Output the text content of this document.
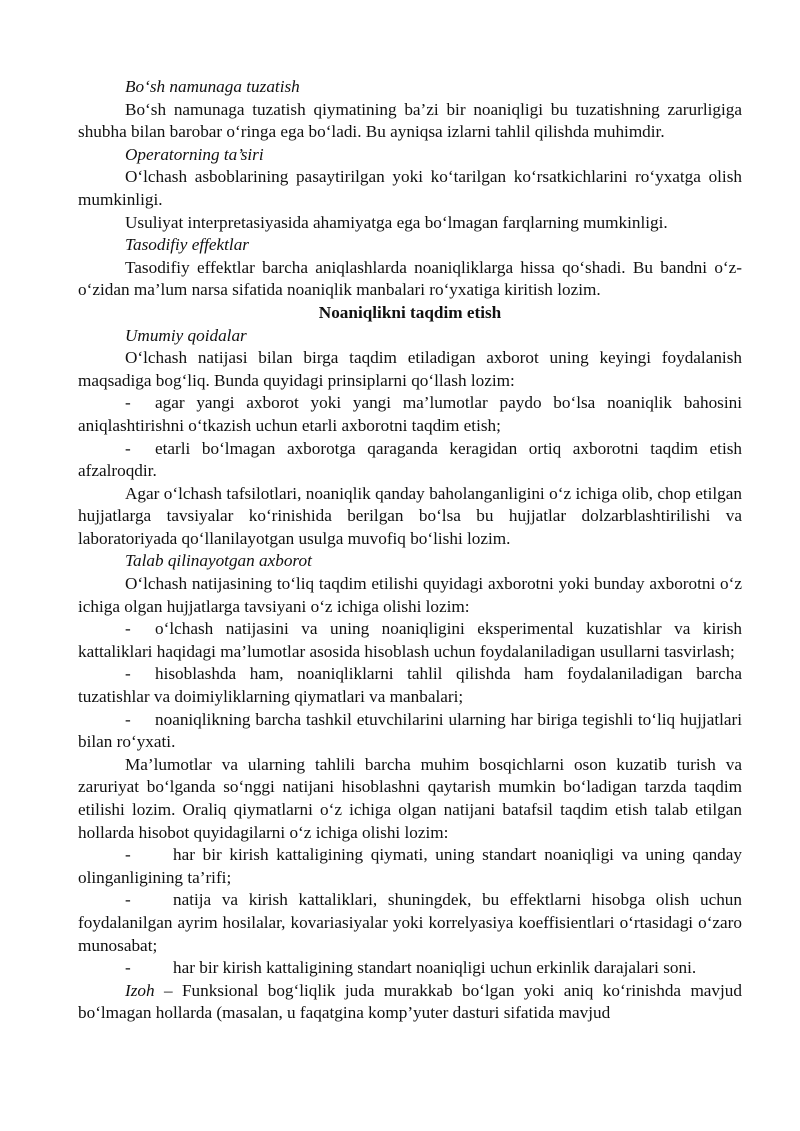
Bo‘sh namunaga tuzatish

Bo‘sh namunaga tuzatish qiymatining ba’zi bir noaniqligi bu tuzatishning zarurligiga shubha bilan barobar o‘ringa ega bo‘ladi. Bu ayniqsa izlarni tahlil qilishda muhimdir.

Operatorning ta’siri

O‘lchash asboblarining pasaytirilgan yoki ko‘tarilgan ko‘rsatkichlarini ro‘yxatga olish mumkinligi.

Usuliyat interpretasiyasida ahamiyatga ega bo‘lmagan farqlarning mumkinligi.

Tasodifiy effektlar

Tasodifiy effektlar barcha aniqlashlarda noaniqliklarga hissa qo‘shadi. Bu bandni o‘z-o‘zidan ma’lum narsa sifatida noaniqlik manbalari ro‘yxatiga kiritish lozim.

Noaniqlikni taqdim etish

Umumiy qoidalar

O‘lchash natijasi bilan birga taqdim etiladigan axborot uning keyingi foydalanish maqsadiga bog‘liq. Bunda quyidagi prinsiplarni qo‘llash lozim:

- agar yangi axborot yoki yangi ma’lumotlar paydo bo‘lsa noaniqlik bahosini aniqlashtirishni o‘tkazish uchun etarli axborotni taqdim etish;

- etarli bo‘lmagan axborotga qaraganda keragidan ortiq axborotni taqdim etish afzalroqdir.

Agar o‘lchash tafsilotlari, noaniqlik qanday baholanganligini o‘z ichiga olib, chop etilgan hujjatlarga tavsiyalar ko‘rinishida berilgan bo‘lsa bu hujjatlar dolzarblashtirilishi va laboratoriyada qo‘llanilayotgan usulga muvofiq bo‘lishi lozim.

Talab qilinayotgan axborot

O‘lchash natijasining to‘liq taqdim etilishi quyidagi axborotni yoki bunday axborotni o‘z ichiga olgan hujjatlarga tavsiyani o‘z ichiga olishi lozim:

- o‘lchash natijasini va uning noaniqligini eksperimental kuzatishlar va kirish kattaliklari haqidagi ma’lumotlar asosida hisoblash uchun foydalaniladigan usullarni tasvirlash;

- hisoblashda ham, noaniqliklarni tahlil qilishda ham foydalaniladigan barcha tuzatishlar va doimiyliklarning qiymatlari va manbalari;

- noaniqlikning barcha tashkil etuvchilarini ularning har biriga tegishli to‘liq hujjatlari bilan ro‘yxati.

Ma’lumotlar va ularning tahlili barcha muhim bosqichlarni oson kuzatib turish va zaruriyat bo‘lganda so‘nggi natijani hisoblashni qaytarish mumkin bo‘ladigan tarzda taqdim etilishi lozim. Oraliq qiymatlarni o‘z ichiga olgan natijani batafsil taqdim etish talab etilgan hollarda hisobot quyidagilarni o‘z ichiga olishi lozim:

- har bir kirish kattaligining qiymati, uning standart noaniqligi va uning qanday olinganligining ta’rifi;

- natija va kirish kattaliklari, shuningdek, bu effektlarni hisobga olish uchun foydalanilgan ayrim hosilalar, kovariasiyalar yoki korrelyasiya koeffisientlari o‘rtasidagi o‘zaro munosabat;

- har bir kirish kattaligining standart noaniqligi uchun erkinlik darajalari soni.

Izoh – Funksional bog‘liqlik juda murakkab bo‘lgan yoki aniq ko‘rinishda mavjud bo‘lmagan hollarda (masalan, u faqatgina komp’yuter dasturi sifatida mavjud
